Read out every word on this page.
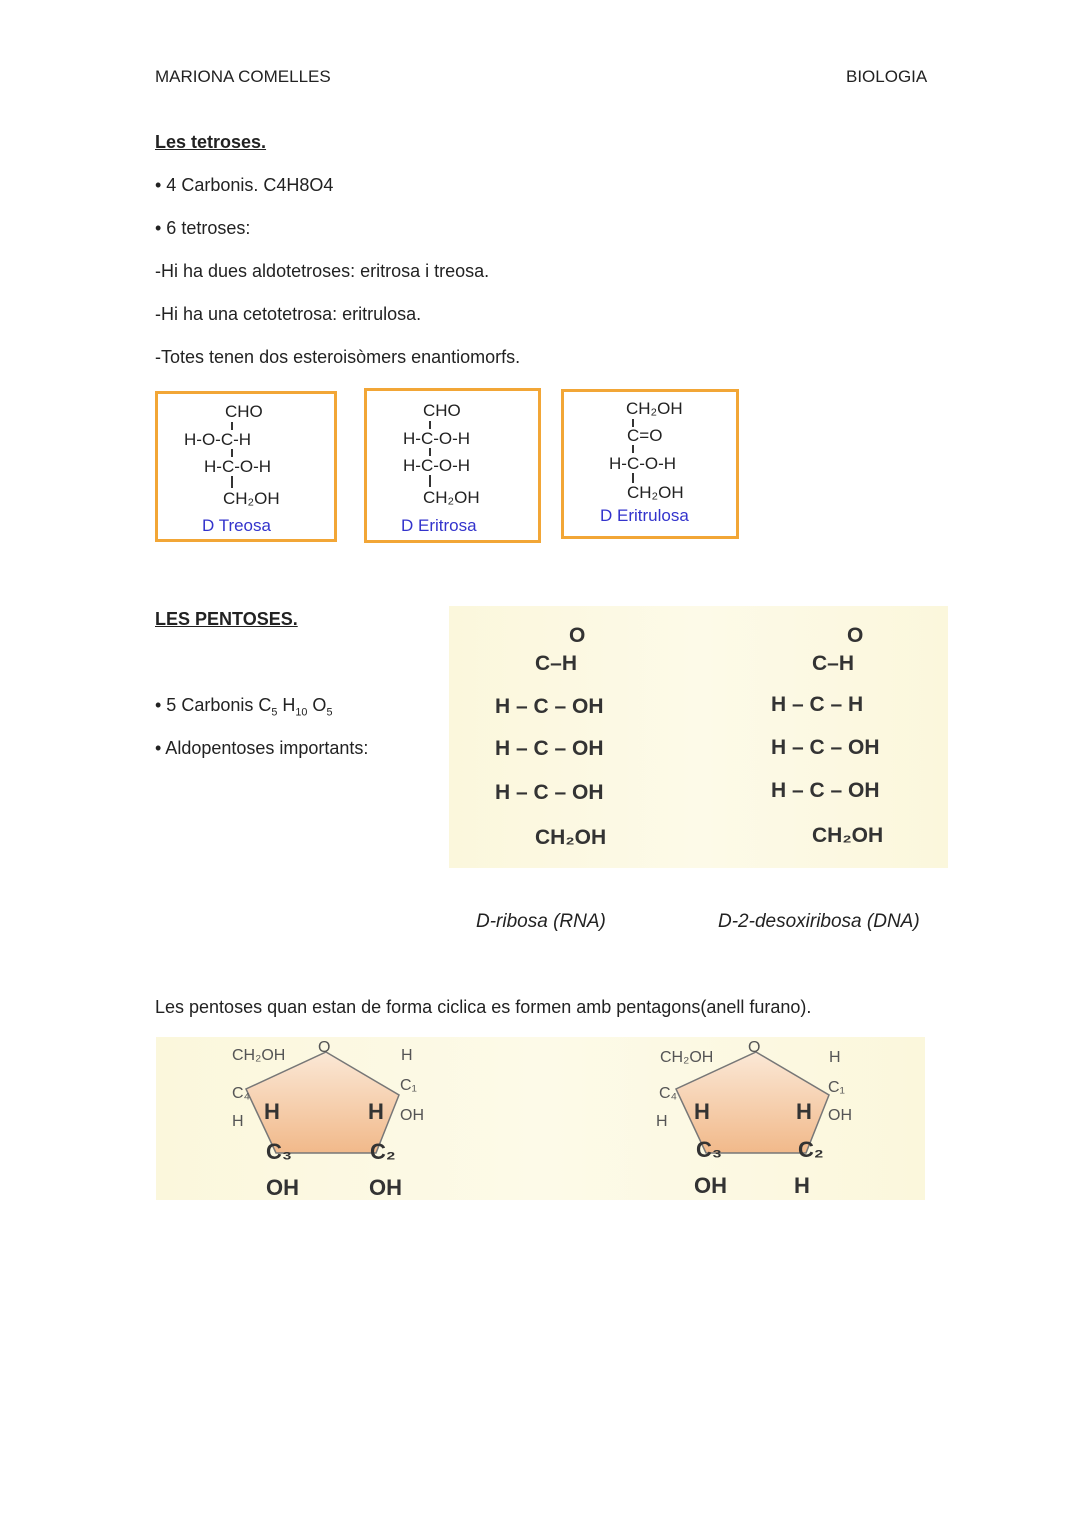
MARIONA COMELLES	BIOLOGIA
Les tetroses.
• 4 Carbonis. C4H8O4
• 6 tetroses:
-Hi ha dues aldotetroses: eritrosa i treosa.
-Hi ha una cetotetrosa: eritrulosa.
-Totes tenen dos esteroisòmers enantiomorfs.
CHO
H-O-C-H
H-C-O-H
CH₂OH
D Treosa
CHO
H-C-O-H
H-C-O-H
CH₂OH
D Eritrosa
CH₂OH
C=O
H-C-O-H
CH₂OH
D Eritrulosa
LES PENTOSES.
• 5 Carbonis $C_5$ $H_{10}$ $O_5$
• Aldopentoses importants:
O
C–H
H – C – OH
H – C – OH
H – C – OH
CH₂OH
O
C–H
H – C – H
H – C – OH
H – C – OH
CH₂OH
D-ribosa (RNA)	D-2-desoxiribosa (DNA)
Les pentoses quan estan de forma ciclica es formen amb pentagons(anell furano).
CH₂OH O	H
C₁
OH
C₄
H H	H
C₃	C₂
OH	OH
CH₂OH
O
H
C₁
OH
C₄
H H	H
C₃	C₂
OH	H
